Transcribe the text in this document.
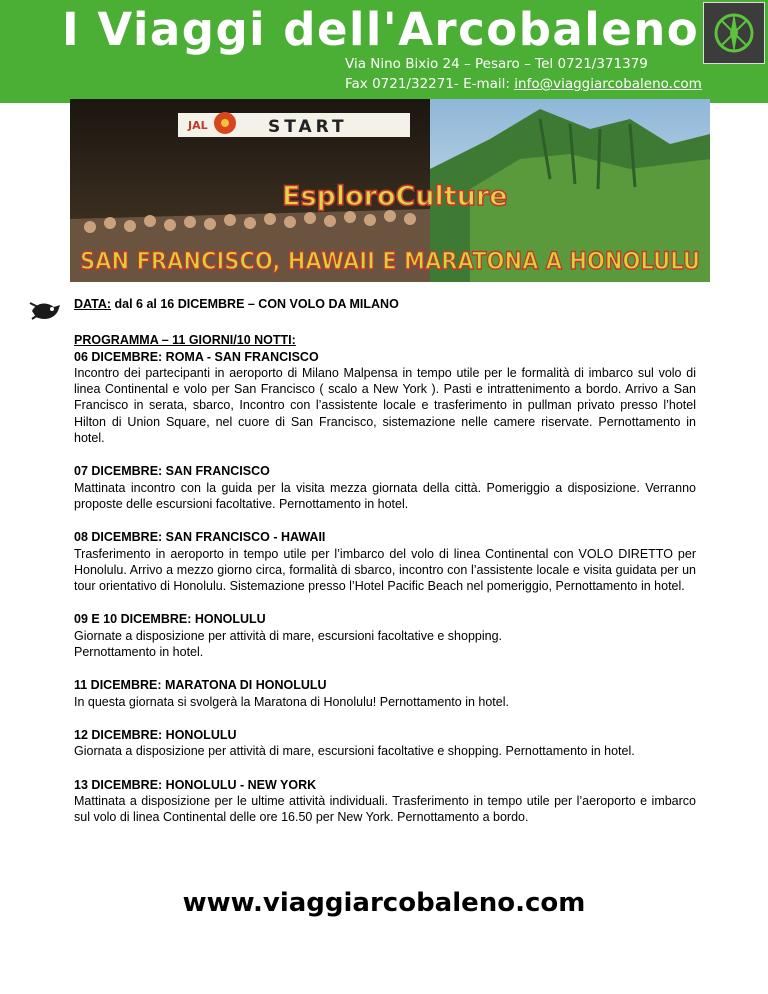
I Viaggi dell'Arcobaleno
Via Nino Bixio 24 – Pesaro – Tel 0721/371379
Fax 0721/32271- E-mail: info@viaggiarcobaleno.com
JAL	START
EsploroCulture
SAN FRANCISCO, HAWAII E MARATONA A HONOLULU

DATA: dal 6 al 16 DICEMBRE – CON VOLO DA MILANO

PROGRAMMA – 11 GIORNI/10 NOTTI:
06 DICEMBRE: ROMA - SAN FRANCISCO
Incontro dei partecipanti in aeroporto di Milano Malpensa in tempo utile per le formalità di imbarco sul volo di linea Continental e volo per San Francisco ( scalo a New York ). Pasti e intrattenimento a bordo. Arrivo a San Francisco in serata, sbarco, Incontro con l’assistente locale e trasferimento in pullman privato presso l’hotel Hilton di Union Square, nel cuore di San Francisco, sistemazione nelle camere riservate. Pernottamento in hotel.

07 DICEMBRE: SAN FRANCISCO
Mattinata incontro con la guida per la visita mezza giornata della città. Pomeriggio a disposizione. Verranno proposte delle escursioni facoltative. Pernottamento in hotel.

08 DICEMBRE: SAN FRANCISCO - HAWAII
Trasferimento in aeroporto in tempo utile per l’imbarco del volo di linea Continental con VOLO DIRETTO per Honolulu. Arrivo a mezzo giorno circa, formalità di sbarco, incontro con l’assistente locale e visita guidata per un tour orientativo di Honolulu. Sistemazione presso l’Hotel Pacific Beach nel pomeriggio, Pernottamento in hotel.

09 E 10 DICEMBRE: HONOLULU
Giornate a disposizione per attività di mare, escursioni facoltative e shopping.
Pernottamento in hotel.

11 DICEMBRE: MARATONA DI HONOLULU
In questa giornata si svolgerà la Maratona di Honolulu! Pernottamento in hotel.

12 DICEMBRE: HONOLULU
Giornata a disposizione per attività di mare, escursioni facoltative e shopping. Pernottamento in hotel.

13 DICEMBRE: HONOLULU - NEW YORK
Mattinata a disposizione per le ultime attività individuali. Trasferimento in tempo utile per l’aeroporto e imbarco sul volo di linea Continental delle ore 16.50 per New York. Pernottamento a bordo.

www.viaggiarcobaleno.com
